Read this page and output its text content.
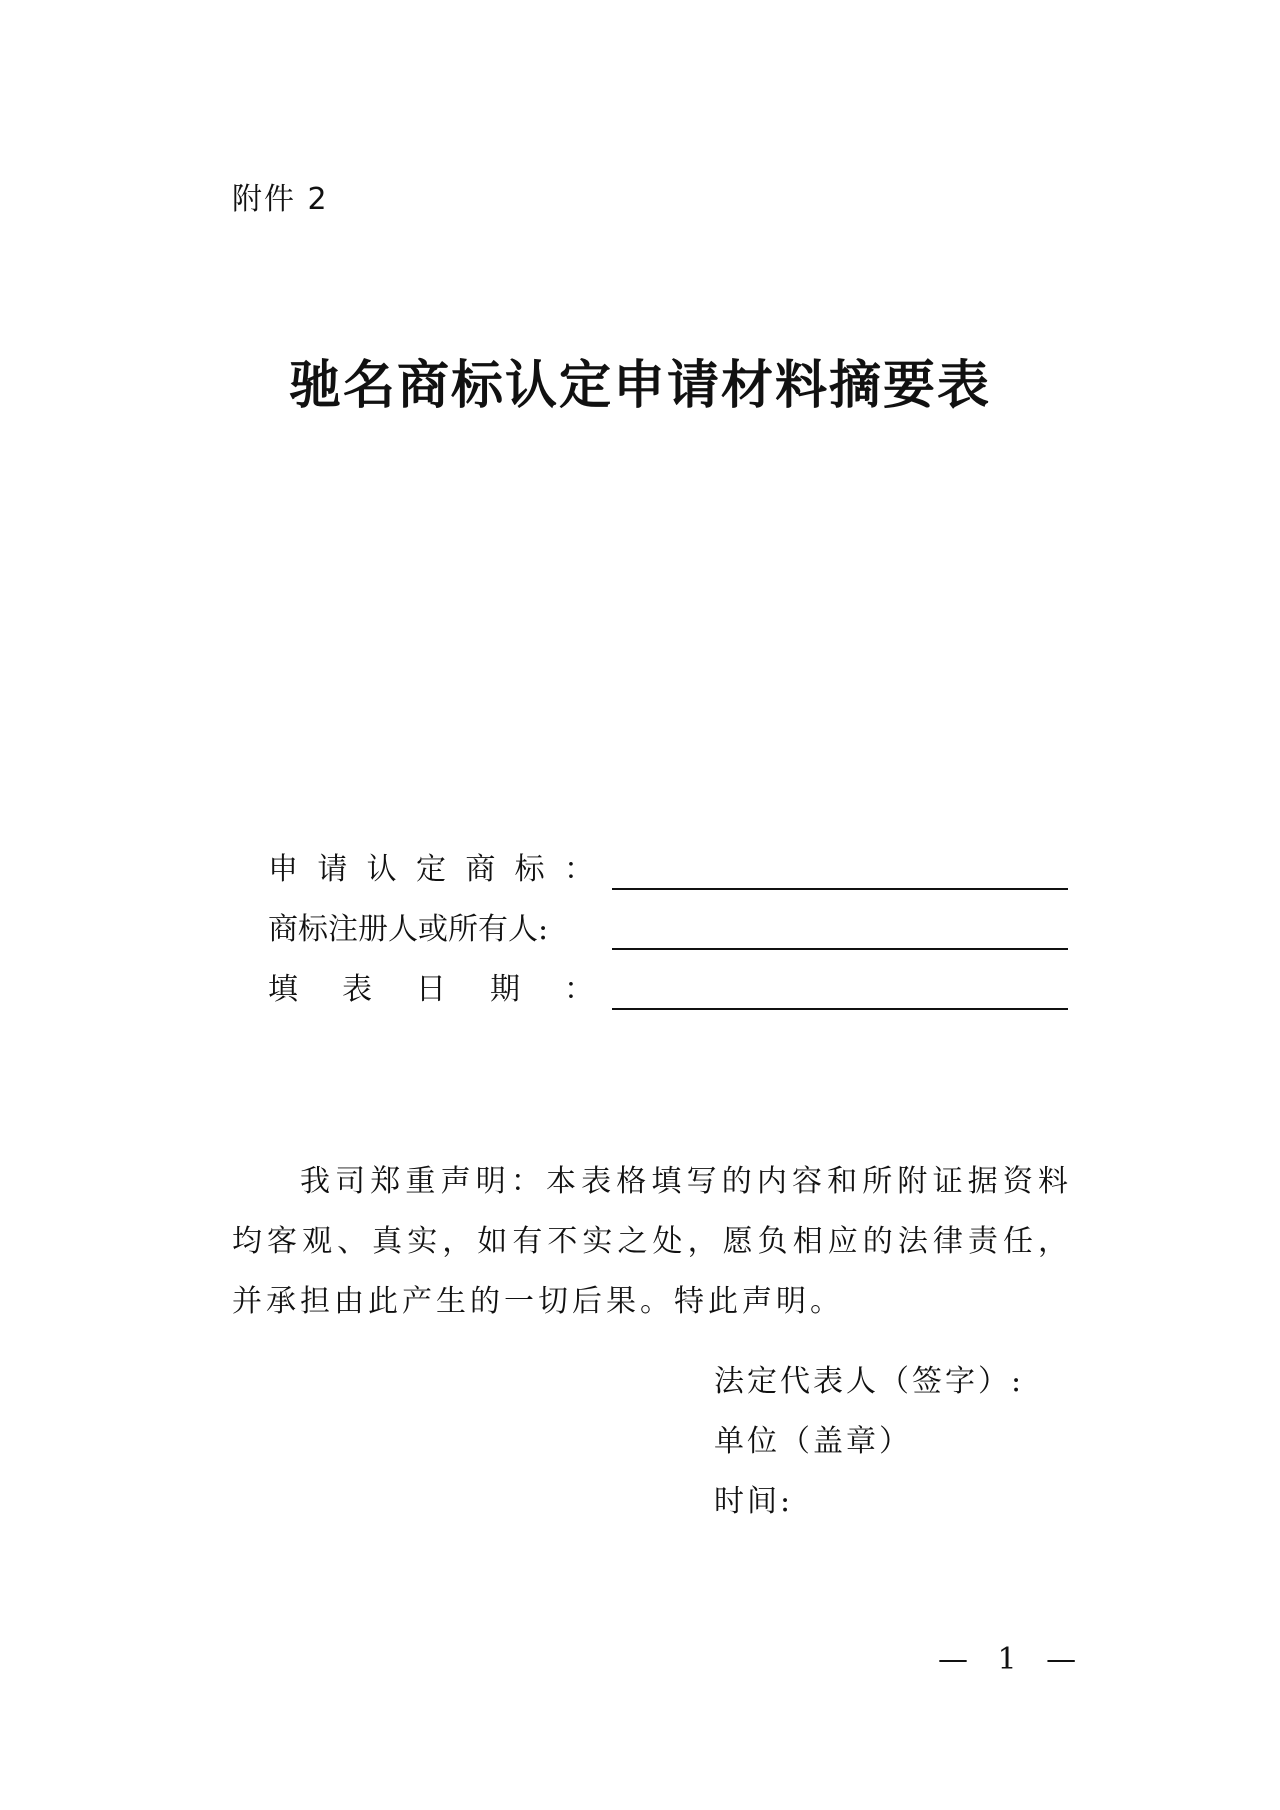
附件 2
驰名商标认定申请材料摘要表
申 请 认 定 商 标 ：
商标注册人或所有人:
填 表 日 期 ：
我司郑重声明：本表格填写的内容和所附证据资料均客观、真实，如有不实之处，愿负相应的法律责任，并承担由此产生的一切后果。特此声明。
法定代表人（签字）:
单位（盖章）
时间:
— 1 —
